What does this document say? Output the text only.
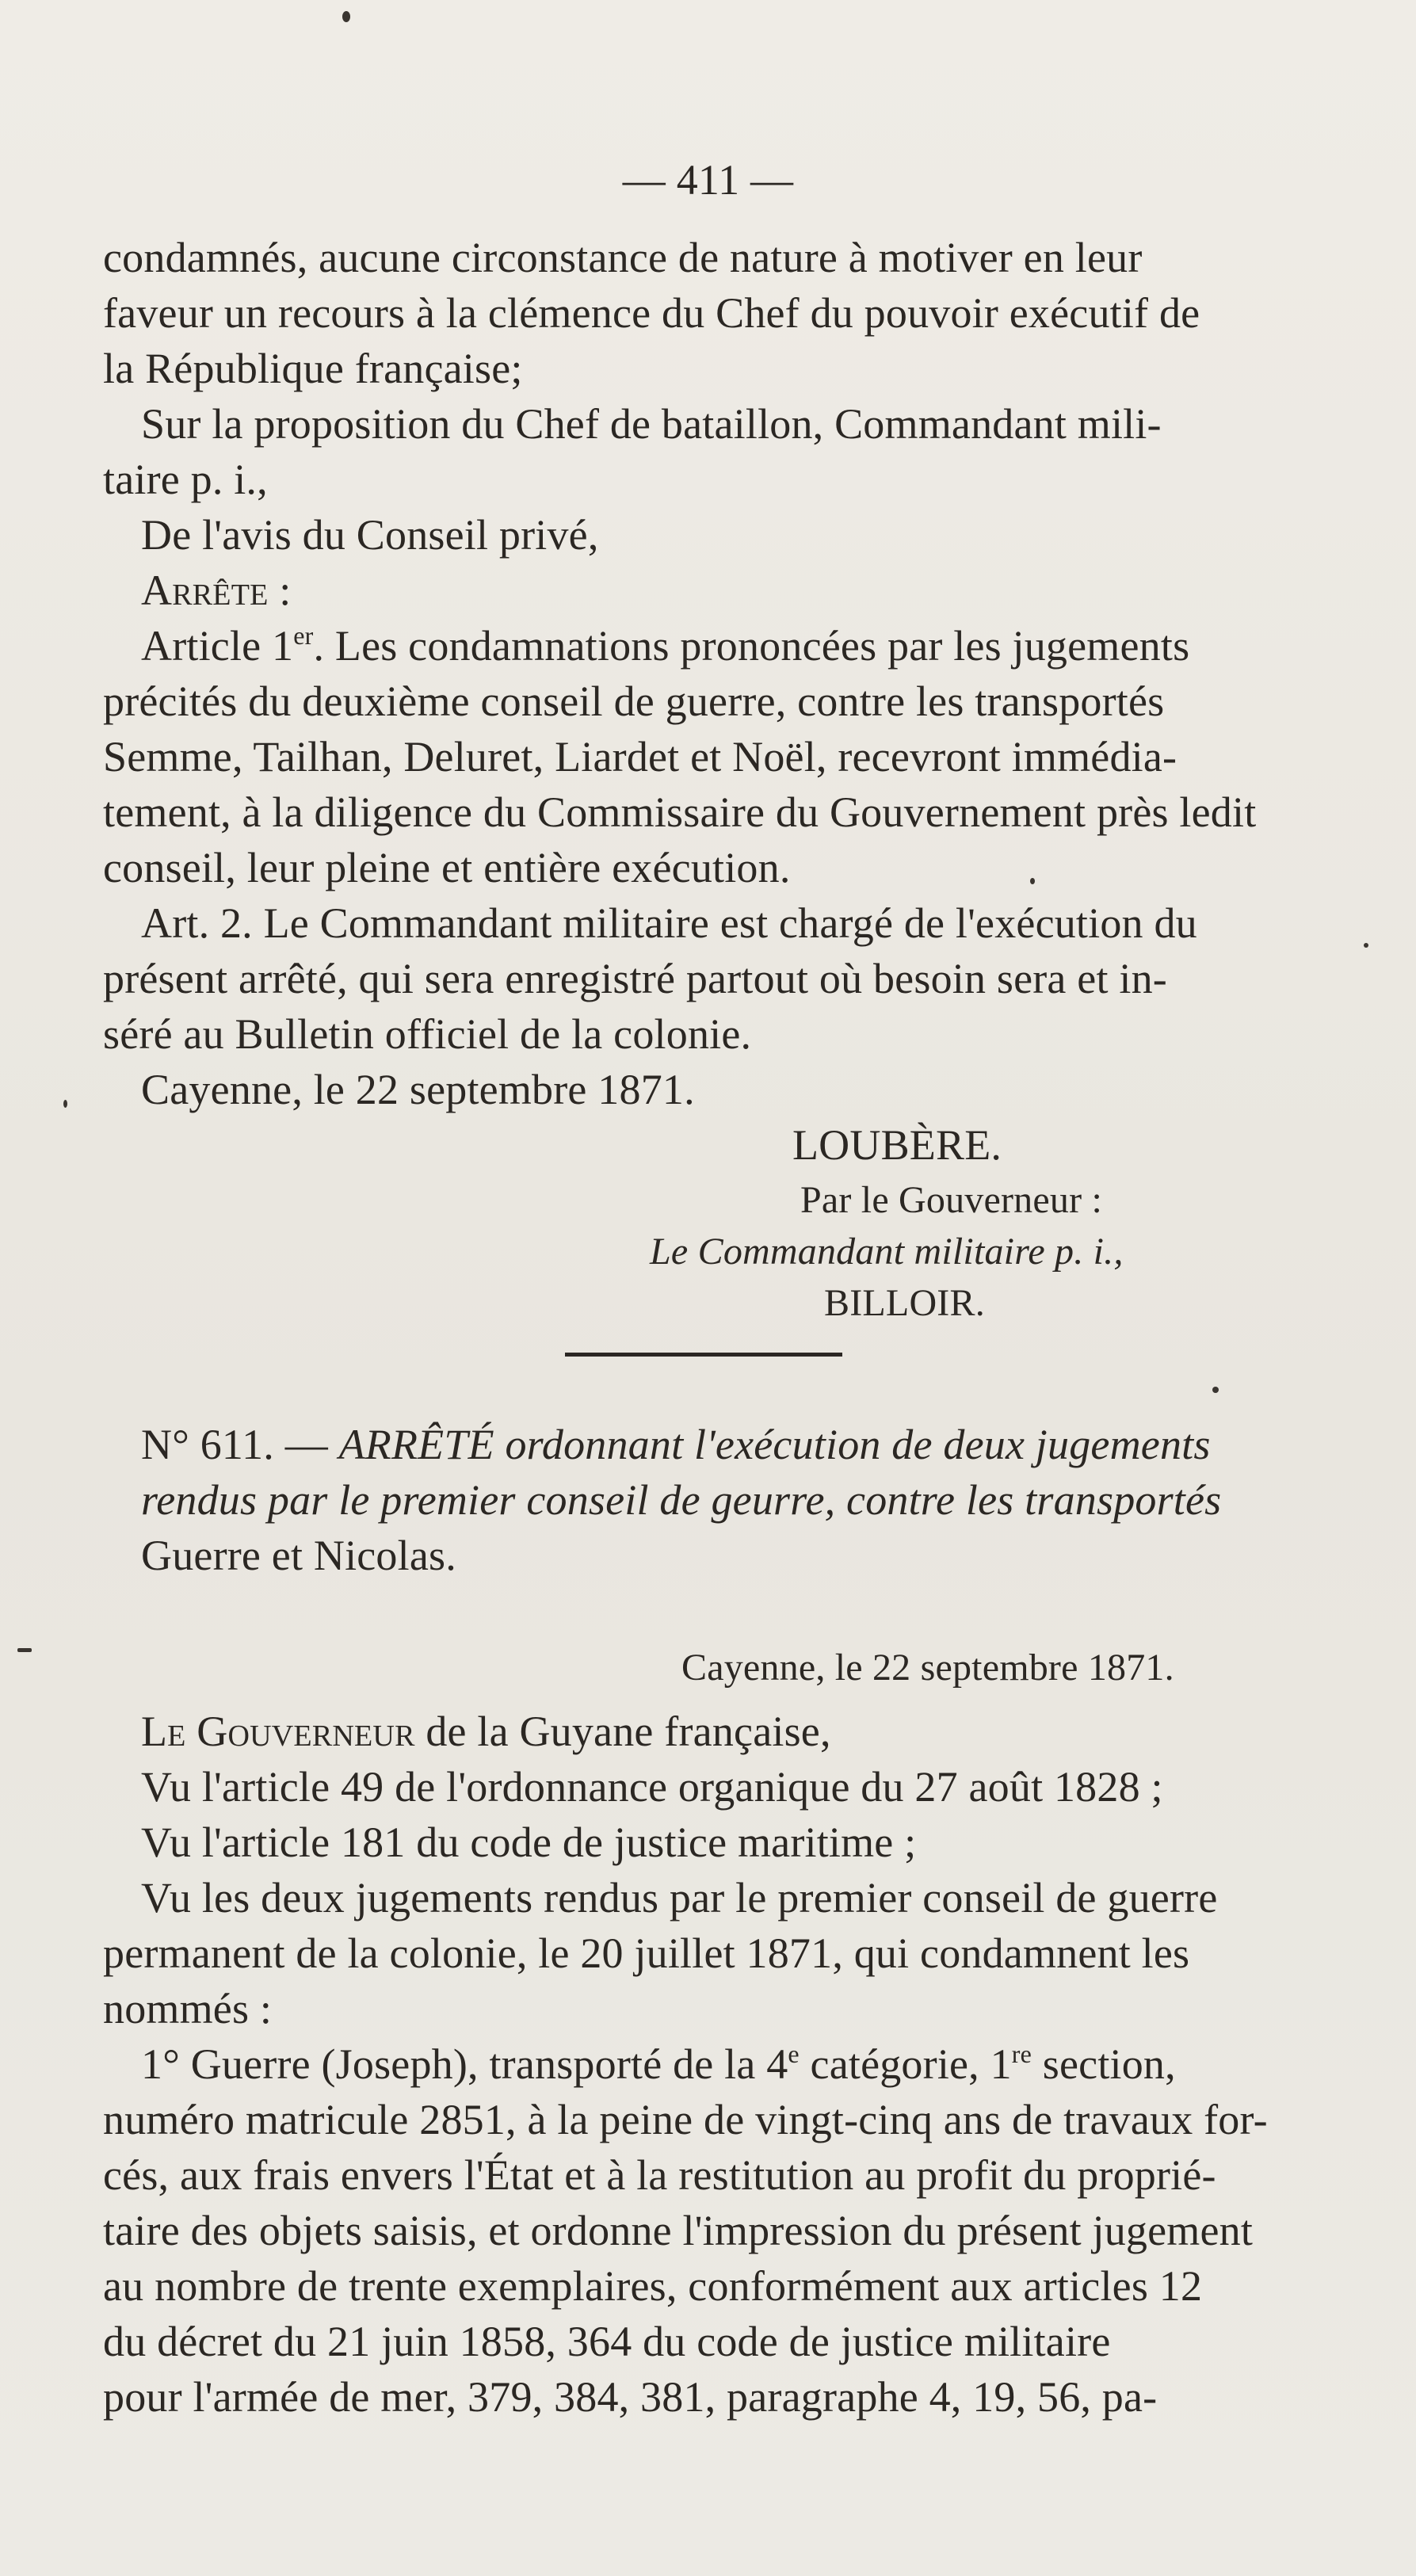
— 411 —
condamnés, aucune circonstance de nature à motiver en leur
faveur un recours à la clémence du Chef du pouvoir exécutif de
la République française;
Sur la proposition du Chef de bataillon, Commandant mili-
taire p. i.,
De l'avis du Conseil privé,
Arrête :
Article 1er. Les condamnations prononcées par les jugements
précités du deuxième conseil de guerre, contre les transportés
Semme, Tailhan, Deluret, Liardet et Noël, recevront immédia-
tement, à la diligence du Commissaire du Gouvernement près ledit
conseil, leur pleine et entière exécution.
Art. 2. Le Commandant militaire est chargé de l'exécution du
présent arrêté, qui sera enregistré partout où besoin sera et in-
séré au Bulletin officiel de la colonie.
Cayenne, le 22 septembre 1871.
LOUBÈRE.
Par le Gouverneur :
Le Commandant militaire p. i.,
BILLOIR.
N° 611. — ARRÊTÉ ordonnant l'exécution de deux jugements
rendus par le premier conseil de geurre, contre les transportés
Guerre et Nicolas.
Cayenne, le 22 septembre 1871.
Le Gouverneur de la Guyane française,
Vu l'article 49 de l'ordonnance organique du 27 août 1828 ;
Vu l'article 181 du code de justice maritime ;
Vu les deux jugements rendus par le premier conseil de guerre
permanent de la colonie, le 20 juillet 1871, qui condamnent les
nommés :
1° Guerre (Joseph), transporté de la 4e catégorie, 1re section,
numéro matricule 2851, à la peine de vingt-cinq ans de travaux for-
cés, aux frais envers l'État et à la restitution au profit du proprié-
taire des objets saisis, et ordonne l'impression du présent jugement
au nombre de trente exemplaires, conformément aux articles 12
du décret du 21 juin 1858, 364 du code de justice militaire
pour l'armée de mer, 379, 384, 381, paragraphe 4, 19, 56, pa-
